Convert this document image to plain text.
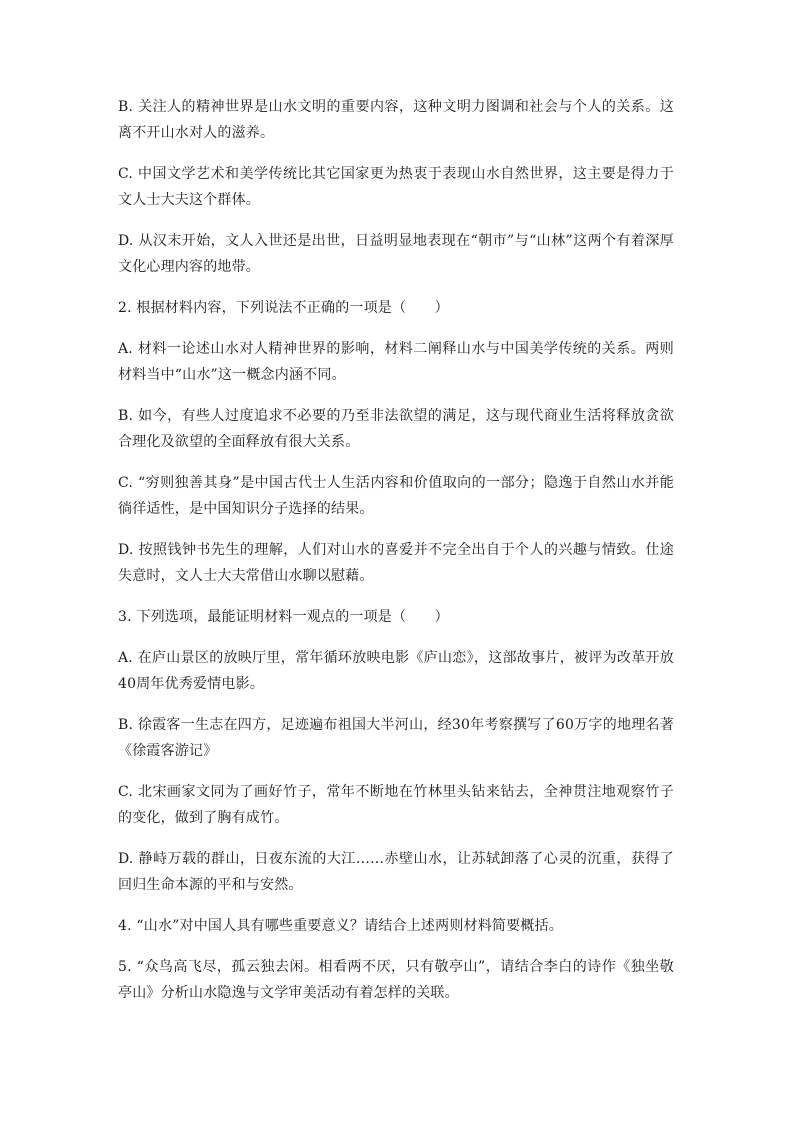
B. 关注人的精神世界是山水文明的重要内容，这种文明力图调和社会与个人的关系。这离不开山水对人的滋养。

C. 中国文学艺术和美学传统比其它国家更为热衷于表现山水自然世界，这主要是得力于文人士大夫这个群体。

D. 从汉末开始，文人入世还是出世，日益明显地表现在“朝市”与“山林”这两个有着深厚文化心理内容的地带。

2. 根据材料内容，下列说法不正确的一项是（　　）

A. 材料一论述山水对人精神世界的影响，材料二阐释山水与中国美学传统的关系。两则材料当中“山水”这一概念内涵不同。

B. 如今，有些人过度追求不必要的乃至非法欲望的满足，这与现代商业生活将释放贪欲合理化及欲望的全面释放有很大关系。

C. “穷则独善其身”是中国古代士人生活内容和价值取向的一部分；隐逸于自然山水并能徜徉适性，是中国知识分子选择的结果。

D. 按照钱钟书先生的理解，人们对山水的喜爱并不完全出自于个人的兴趣与情致。仕途失意时，文人士大夫常借山水聊以慰藉。

3. 下列选项，最能证明材料一观点的一项是（　　）

A. 在庐山景区的放映厅里，常年循环放映电影《庐山恋》，这部故事片，被评为改革开放40周年优秀爱情电影。

B. 徐霞客一生志在四方，足迹遍布祖国大半河山，经30年考察撰写了60万字的地理名著《徐霞客游记》

C. 北宋画家文同为了画好竹子，常年不断地在竹林里头钻来钻去，全神贯注地观察竹子的变化，做到了胸有成竹。

D. 静峙万载的群山，日夜东流的大江……赤壁山水，让苏轼卸落了心灵的沉重，获得了回归生命本源的平和与安然。

4. “山水”对中国人具有哪些重要意义？请结合上述两则材料简要概括。

5. “众鸟高飞尽，孤云独去闲。相看两不厌，只有敬亭山”，请结合李白的诗作《独坐敬亭山》分析山水隐逸与文学审美活动有着怎样的关联。
